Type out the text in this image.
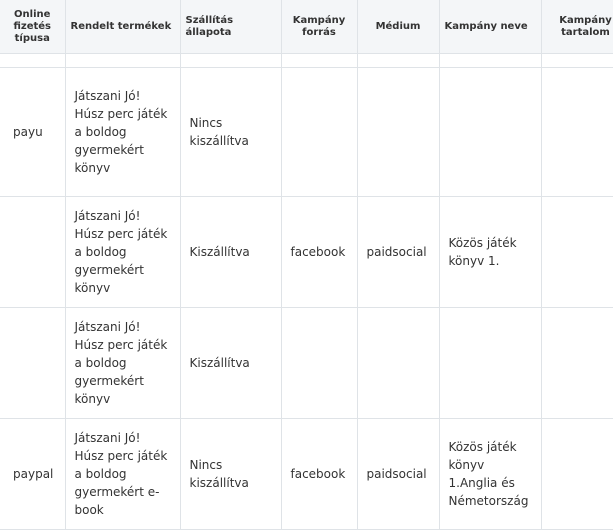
Online fizetés típusa	Rendelt termékek	Szállítás állapota	Kampány forrás	Médium	Kampány neve	Kampány tartalom

payu	Játszani Jó! Húsz perc játék a boldog gyermekért könyv	Nincs kiszállítva				
	Játszani Jó! Húsz perc játék a boldog gyermekért könyv	Kiszállítva	facebook	paidsocial	Közös játék könyv 1.	
	Játszani Jó! Húsz perc játék a boldog gyermekért könyv	Kiszállítva				
paypal	Játszani Jó! Húsz perc játék a boldog gyermekért e-book	Nincs kiszállítva	facebook	paidsocial	Közös játék könyv 1.Anglia és Németország	
